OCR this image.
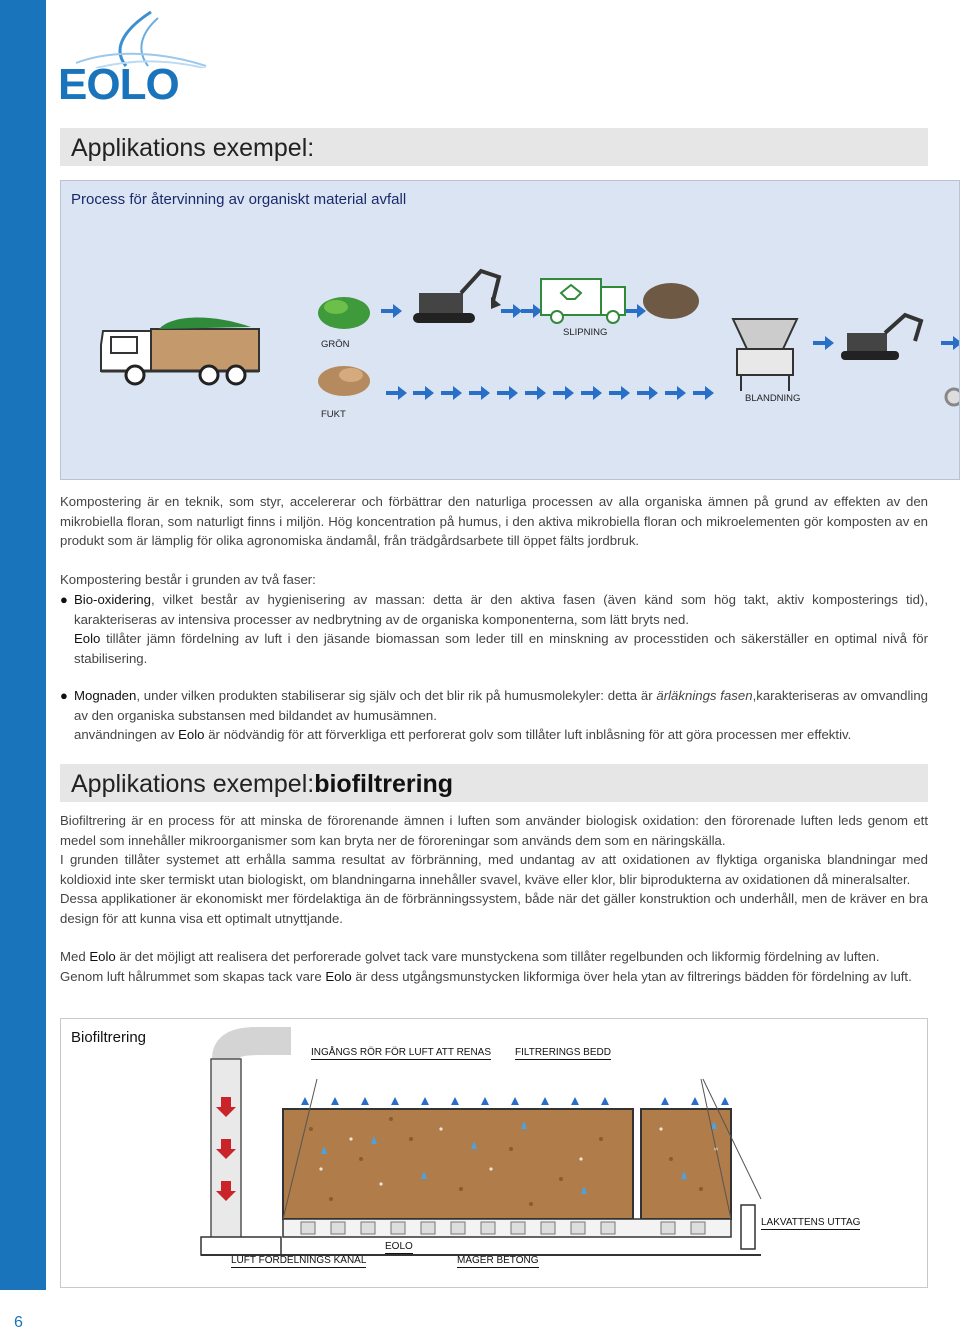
6
EOLO
Applikations exempel:
Process för återvinning av organiskt material avfall
GRÖN
FUKT
SLIPNING
BLANDNING

Kompostering är en teknik, som styr, accelererar och förbättrar den naturliga processen av alla organiska ämnen på grund av effekten av den mikrobiella floran, som naturligt finns i miljön. Hög koncentration på humus, i den aktiva mikrobiella floran och mikroelementen gör komposten av en produkt som är lämplig för olika agronomiska ändamål, från trädgårdsarbete till öppet fälts jordbruk.

Kompostering består i grunden av två faser:

● Bio-oxidering, vilket består av hygienisering av massan: detta är den aktiva fasen (även känd som hög takt, aktiv komposterings tid), karakteriseras av intensiva processer av nedbrytning av de organiska komponenterna, som lätt bryts ned.
Eolo tillåter jämn fördelning av luft i den jäsande biomassan som leder till en minskning av processtiden och säkerställer en optimal nivå för stabilisering.
● Mognaden, under vilken produkten stabiliserar sig själv och det blir rik på humusmolekyler: detta är ärläknings fasen,karakteriseras av omvandling av den organiska substansen med bildandet av humusämnen.
användningen av Eolo är nödvändig för att förverkliga ett perforerat golv som tillåter luft inblåsning för att göra processen mer effektiv.
Applikations exempel:biofiltrering

Biofiltrering är en process för att minska de förorenande ämnen i luften som använder biologisk oxidation: den förorenade luften leds genom ett medel som innehåller mikroorganismer som kan bryta ner de föroreningar som används dem som en näringskälla.

I grunden tillåter systemet att erhålla samma resultat av förbränning, med undantag av att oxidationen av flyktiga organiska blandningar med koldioxid inte sker termiskt utan biologiskt, om blandningarna innehåller svavel, kväve eller klor, blir biprodukterna av oxidationen då mineralsalter.

Dessa applikationer är ekonomiskt mer fördelaktiga än de förbränningssystem, både när det gäller konstruktion och underhåll, men de kräver en bra design för att kunna visa ett optimalt utnyttjande.

Med Eolo är det möjligt att realisera det perforerade golvet tack vare munstyckena som tillåter regelbunden och likformig fördelning av luften.
Genom luft hålrummet som skapas tack vare Eolo är dess utgångsmunstycken likformiga över hela ytan av filtrerings bädden för fördelning av luft.
Biofiltrering
INGÅNGS RÖR FÖR LUFT ATT RENAS FILTRERINGS BEDD
LAKVATTENS UTTAG
EOLO
LUFT FÖRDELNINGS KANAL	MAGER BETONG
